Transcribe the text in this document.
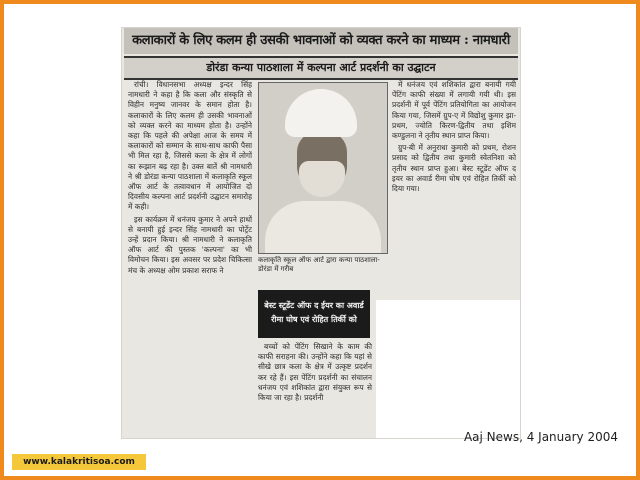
कलाकारों के लिए कलम ही उसकी भावनाओं को व्यक्त करने का माध्यम : नामधारी
डोरंडा कन्या पाठशाला में कल्पना आर्ट प्रदर्शनी का उद्घाटन

रांची। विधानसभा अध्यक्ष इन्दर सिंह नामधारी ने कहा है कि कला और संस्कृति से विहीन मनुष्य जानवर के समान होता है। कलाकारों के लिए कलम ही उसकी भावनाओं को व्यक्त करने का माध्यम होता है। उन्होंने कहा कि पहले की अपेक्षा आज के समय में कलाकारों को सम्मान के साथ-साथ काफी पैसा भी मिल रहा है, जिससे कला के क्षेत्र में लोगों का रूझान बढ़ रहा है। उक्त बातें श्री नामधारी ने श्री डोरंडा कन्या पाठशाला में कलाकृति स्कूल ऑफ आर्ट के तत्वावधान में आयोजित दो दिवसीय कल्पना आर्ट प्रदर्शनी उद्घाटन समारोह में कही।

इस कार्यक्रम में धनंजय कुमार ने अपने हाथों से बनायी हुई इन्दर सिंह नामधारी का पोर्ट्रेट उन्हें प्रदान किया। श्री नामधारी ने कलाकृति ऑफ आर्ट की पुस्तक 'कल्पना' का भी विमोचन किया। इस अवसर पर प्रदेश चिकित्सा मंच के अध्यक्ष ओम प्रकाश सराफ ने

कलाकृति स्कूल ऑफ आर्ट द्वारा कन्या पाठशाला-डोरंडा में गरीब

में धनंजय एवं शशिकांत द्वारा बनायी गयी पेंटिंग काफी संख्या में लगायी गयी थी। इस प्रदर्शनी में पूर्व पेंटिंग प्रतियोगिता का आयोजन किया गया, जिसमें ग्रुप-ए में विद्योशु कुमार झा-प्रथम, ज्योति किरण-द्वितीय तथा इशिम कण्डुलना ने तृतीय स्थान प्राप्त किया।

ग्रुप-बी में अनुराधा कुमारी को प्रथम, रोशन प्रसाद को द्वितीय तथा कुमारी स्वेतनिशा को तृतीय स्थान प्राप्त हुआ। बेस्ट स्टूडेंट ऑफ द इयर का अवार्ड रीमा घोष एवं रोहित तिर्की को दिया गया।

बेस्ट स्टूडेंट ऑफ द ईयर का अवार्ड रीमा घोष एवं रोहित तिर्की को

बच्चों को पेंटिंग सिखाने के काम की काफी सराहना की। उन्होंने कहा कि यहां से सीखे छात्र कला के क्षेत्र में उत्कृष्ट प्रदर्शन कर रहे हैं। इस पेंटिंग प्रदर्शनी का संचालन धनंजय एवं शशिकांत द्वारा संयुक्त रूप से किया जा रहा है। प्रदर्शनी

Aaj News, 4 January 2004
www.kalakritisoa.com
